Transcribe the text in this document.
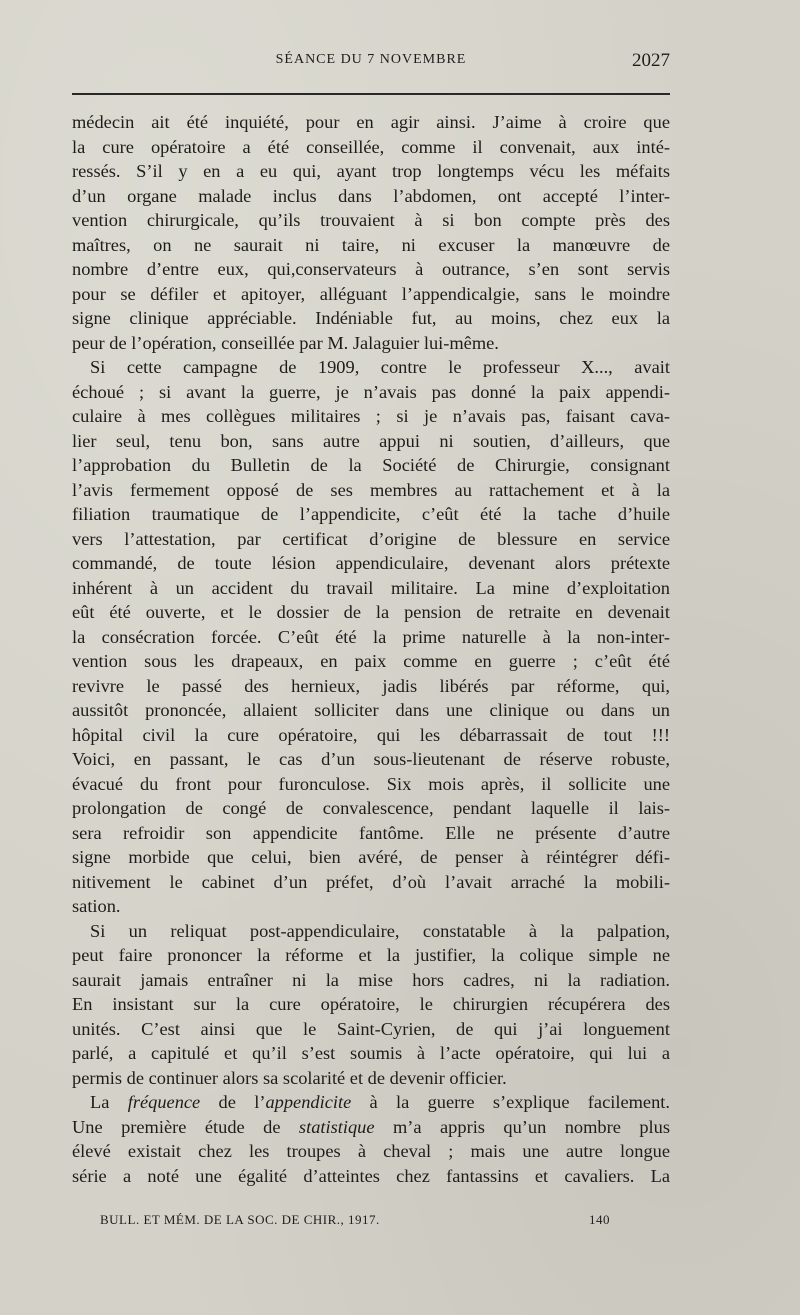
SÉANCE DU 7 NOVEMBRE	2027
médecin ait été inquiété, pour en agir ainsi. J’aime à croire que
la cure opératoire a été conseillée, comme il convenait, aux inté-
ressés. S’il y en a eu qui, ayant trop longtemps vécu les méfaits
d’un organe malade inclus dans l’abdomen, ont accepté l’inter-
vention chirurgicale, qu’ils trouvaient à si bon compte près des
maîtres, on ne saurait ni taire, ni excuser la manœuvre de
nombre d’entre eux, qui,conservateurs à outrance, s’en sont servis
pour se défiler et apitoyer, alléguant l’appendicalgie, sans le moindre
signe clinique appréciable. Indéniable fut, au moins, chez eux la
peur de l’opération, conseillée par M. Jalaguier lui-même.
Si cette campagne de 1909, contre le professeur X..., avait
échoué ; si avant la guerre, je n’avais pas donné la paix appendi-
culaire à mes collègues militaires ; si je n’avais pas, faisant cava-
lier seul, tenu bon, sans autre appui ni soutien, d’ailleurs, que
l’approbation du Bulletin de la Société de Chirurgie, consignant
l’avis fermement opposé de ses membres au rattachement et à la
filiation traumatique de l’appendicite, c’eût été la tache d’huile
vers l’attestation, par certificat d’origine de blessure en service
commandé, de toute lésion appendiculaire, devenant alors prétexte
inhérent à un accident du travail militaire. La mine d’exploitation
eût été ouverte, et le dossier de la pension de retraite en devenait
la consécration forcée. C’eût été la prime naturelle à la non-inter-
vention sous les drapeaux, en paix comme en guerre ; c’eût été
revivre le passé des hernieux, jadis libérés par réforme, qui,
aussitôt prononcée, allaient solliciter dans une clinique ou dans un
hôpital civil la cure opératoire, qui les débarrassait de tout !!!
Voici, en passant, le cas d’un sous-lieutenant de réserve robuste,
évacué du front pour furonculose. Six mois après, il sollicite une
prolongation de congé de convalescence, pendant laquelle il lais-
sera refroidir son appendicite fantôme. Elle ne présente d’autre
signe morbide que celui, bien avéré, de penser à réintégrer défi-
nitivement le cabinet d’un préfet, d’où l’avait arraché la mobili-
sation.
Si un reliquat post-appendiculaire, constatable à la palpation,
peut faire prononcer la réforme et la justifier, la colique simple ne
saurait jamais entraîner ni la mise hors cadres, ni la radiation.
En insistant sur la cure opératoire, le chirurgien récupérera des
unités. C’est ainsi que le Saint-Cyrien, de qui j’ai longuement
parlé, a capitulé et qu’il s’est soumis à l’acte opératoire, qui lui a
permis de continuer alors sa scolarité et de devenir officier.
La fréquence de l’appendicite à la guerre s’explique facilement.
Une première étude de statistique m’a appris qu’un nombre plus
élevé existait chez les troupes à cheval ; mais une autre longue
série a noté une égalité d’atteintes chez fantassins et cavaliers. La
BULL. ET MÉM. DE LA SOC. DE CHIR., 1917.	140
